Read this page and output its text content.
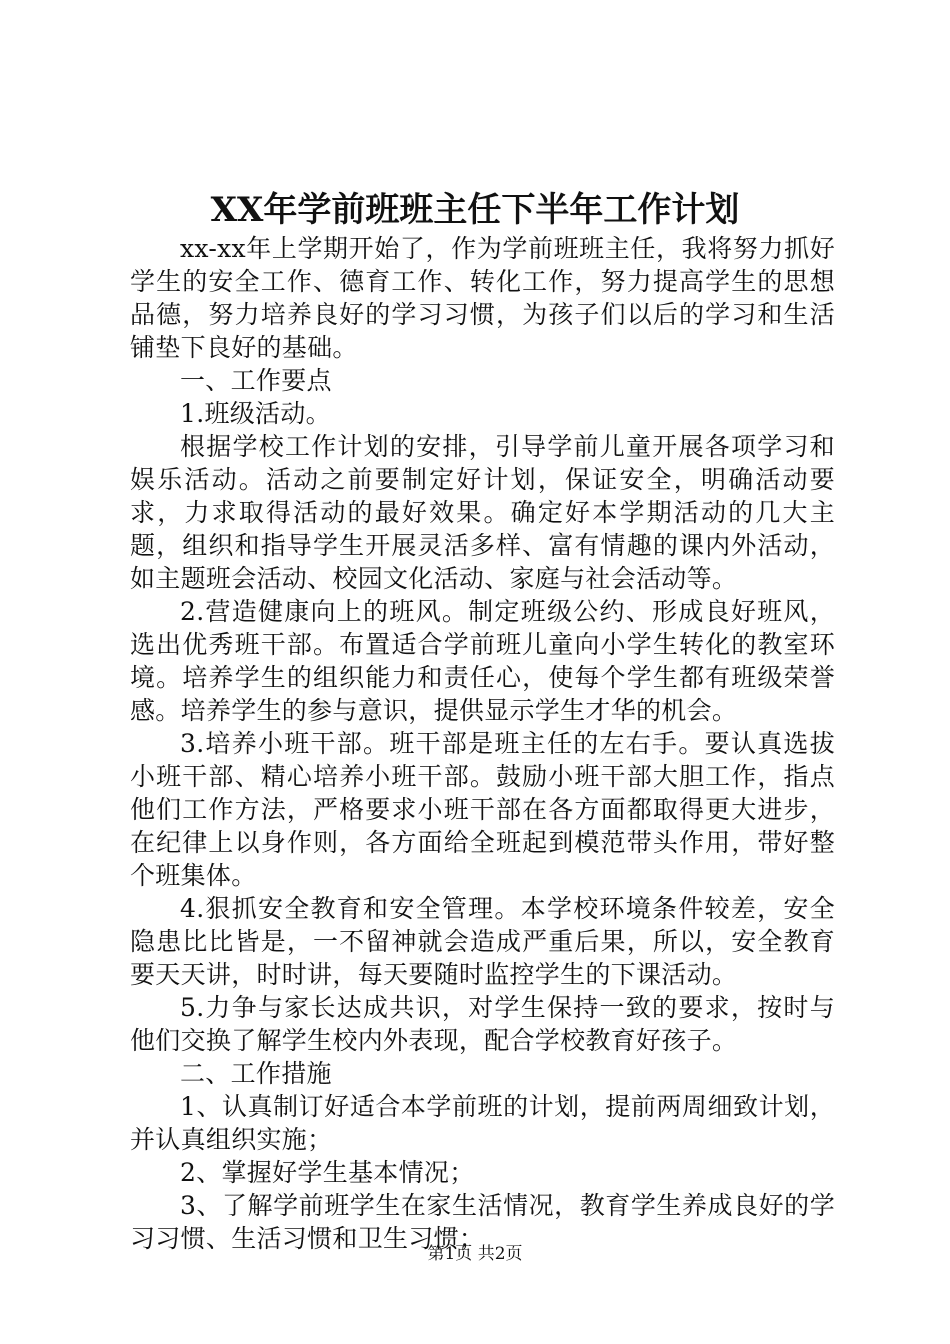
XX年学前班班主任下半年工作计划

xx-xx年上学期开始了，作为学前班班主任，我将努力抓好学生的安全工作、德育工作、转化工作，努力提高学生的思想品德，努力培养良好的学习习惯，为孩子们以后的学习和生活铺垫下良好的基础。

一、工作要点

1.班级活动。

根据学校工作计划的安排，引导学前儿童开展各项学习和娱乐活动。活动之前要制定好计划，保证安全，明确活动要求，力求取得活动的最好效果。确定好本学期活动的几大主题，组织和指导学生开展灵活多样、富有情趣的课内外活动，如主题班会活动、校园文化活动、家庭与社会活动等。

2.营造健康向上的班风。制定班级公约、形成良好班风，选出优秀班干部。布置适合学前班儿童向小学生转化的教室环境。培养学生的组织能力和责任心，使每个学生都有班级荣誉感。培养学生的参与意识，提供显示学生才华的机会。

3.培养小班干部。班干部是班主任的左右手。要认真选拔小班干部、精心培养小班干部。鼓励小班干部大胆工作，指点他们工作方法，严格要求小班干部在各方面都取得更大进步，在纪律上以身作则，各方面给全班起到模范带头作用，带好整个班集体。

4.狠抓安全教育和安全管理。本学校环境条件较差，安全隐患比比皆是，一不留神就会造成严重后果，所以，安全教育要天天讲，时时讲，每天要随时监控学生的下课活动。

5.力争与家长达成共识，对学生保持一致的要求，按时与他们交换了解学生校内外表现，配合学校教育好孩子。

二、工作措施

1、认真制订好适合本学前班的计划，提前两周细致计划，并认真组织实施；

2、掌握好学生基本情况；

3、了解学前班学生在家生活情况，教育学生养成良好的学习习惯、生活习惯和卫生习惯；

第1页 共2页
